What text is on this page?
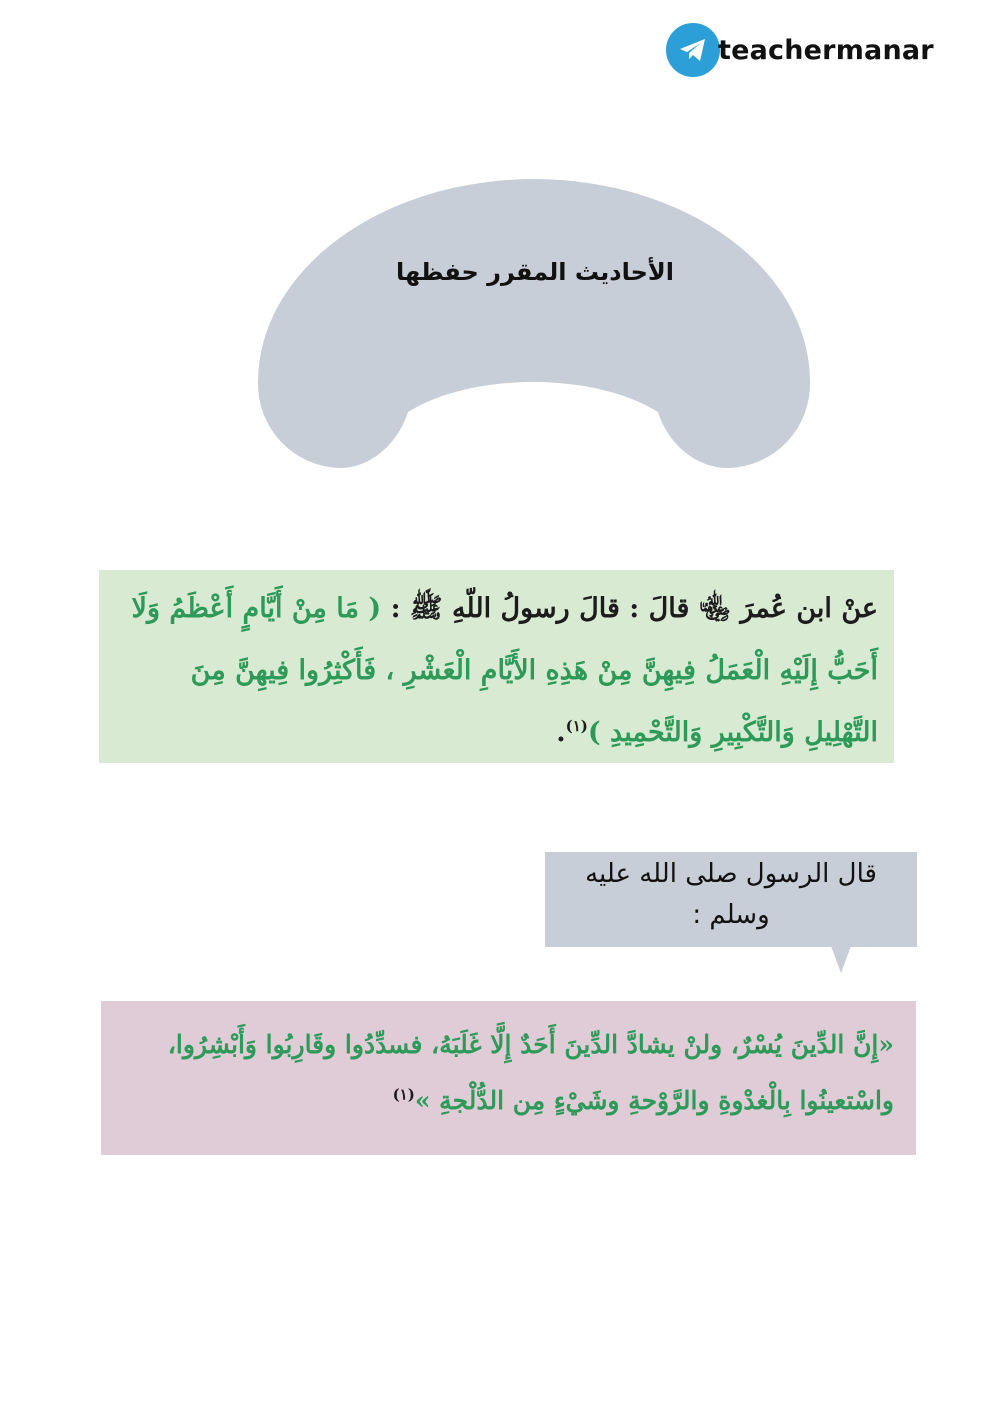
teachermanar
الأحاديث المقرر حفظها
عنْ ابن عُمرَ ﵄ قالَ : قالَ رسولُ اللّهِ ﷺ : ( مَا مِنْ أَيَّامٍ أَعْظَمُ وَلَا أَحَبُّ إِلَيْهِ الْعَمَلُ فِيهِنَّ مِنْ هَذِهِ الأَيَّامِ الْعَشْرِ ، فَأَكْثِرُوا فِيهِنَّ مِنَ التَّهْلِيلِ وَالتَّكْبِيرِ وَالتَّحْمِيدِ )$^{(١)}$.
قال الرسول صلى الله عليه وسلم :
«إِنَّ الدِّينَ يُسْرٌ، ولنْ يشادَّ الدِّينَ أَحَدٌ إِلَّا غَلَبَهُ، فسدِّدُوا وقَارِبُوا وَأَبْشِرُوا، واسْتعينُوا بِالْغدْوةِ والرَّوْحةِ وشَيْءٍ مِن الدُّلْجةِ »$^{(١)}$
